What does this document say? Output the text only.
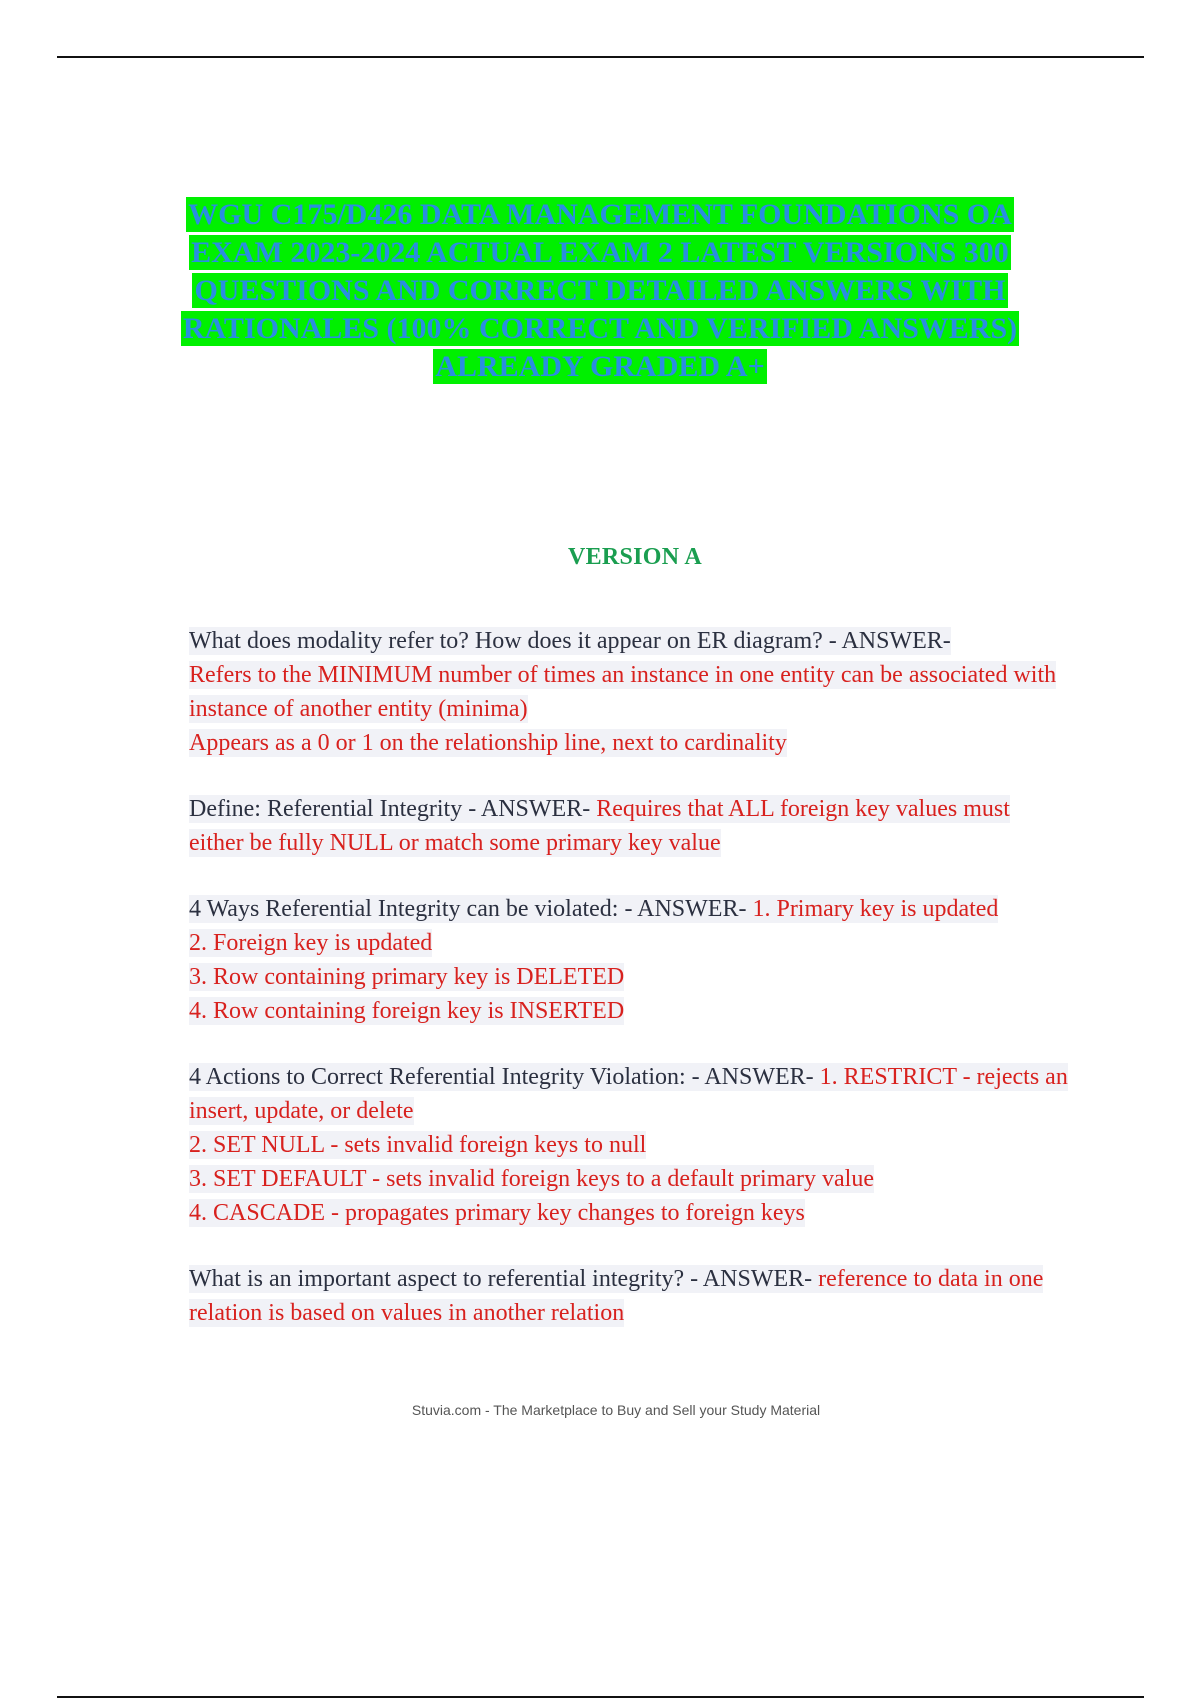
WGU C175/D426 DATA MANAGEMENT FOUNDATIONS OA EXAM 2023-2024 ACTUAL EXAM 2 LATEST VERSIONS 300 QUESTIONS AND CORRECT DETAILED ANSWERS WITH RATIONALES (100% CORRECT AND VERIFIED ANSWERS) ALREADY GRADED A+
VERSION A
What does modality refer to? How does it appear on ER diagram? - ANSWER-
Refers to the MINIMUM number of times an instance in one entity can be associated with instance of another entity (minima)
Appears as a 0 or 1 on the relationship line, next to cardinality
Define: Referential Integrity - ANSWER- Requires that ALL foreign key values must either be fully NULL or match some primary key value
4 Ways Referential Integrity can be violated: - ANSWER- 1. Primary key is updated
2. Foreign key is updated
3. Row containing primary key is DELETED
4. Row containing foreign key is INSERTED
4 Actions to Correct Referential Integrity Violation: - ANSWER- 1. RESTRICT - rejects an insert, update, or delete
2. SET NULL - sets invalid foreign keys to null
3. SET DEFAULT - sets invalid foreign keys to a default primary value
4. CASCADE - propagates primary key changes to foreign keys
What is an important aspect to referential integrity? - ANSWER- reference to data in one relation is based on values in another relation
Stuvia.com - The Marketplace to Buy and Sell your Study Material
